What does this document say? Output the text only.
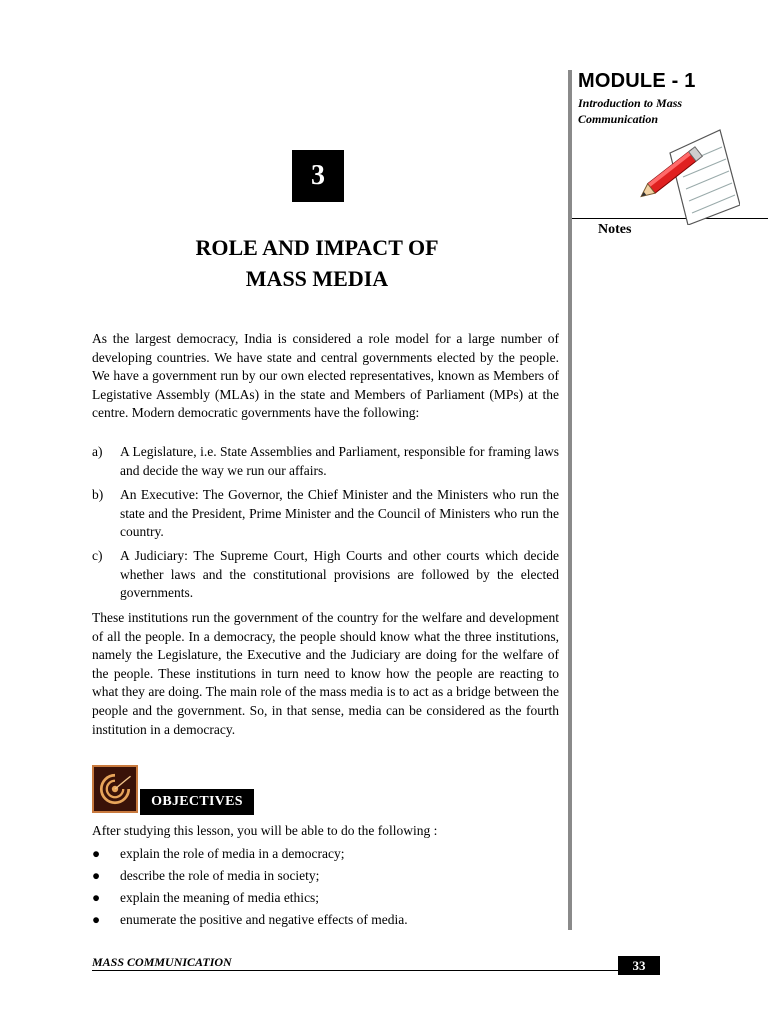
MODULE - 1
Introduction to Mass Communication
Notes
3
ROLE AND IMPACT OF
MASS MEDIA
As the largest democracy, India is considered a role model for a large number of developing countries. We have state and central governments elected by the people. We have a government run by our own elected representatives, known as Members of Legistative Assembly (MLAs) in the state and Members of Parliament (MPs) at the centre. Modern democratic governments have the following:
a) A Legislature, i.e. State Assemblies and Parliament, responsible for framing laws and decide the way we run our affairs.
b) An Executive: The Governor, the Chief Minister and the Ministers who run the state and the President, Prime Minister and the Council of Ministers who run the country.
c) A Judiciary: The Supreme Court, High Courts and other courts which decide whether laws and the constitutional provisions are followed by the elected governments.
These institutions run the government of the country for the welfare and development of all the people. In a democracy, the people should know what the three institutions, namely the Legislature, the Executive and the Judiciary are doing for the welfare of the people. These institutions in turn need to know how the people are reacting to what they are doing. The main role of the mass media is to act as a bridge between the people and the government. So, in that sense, media can be considered as the fourth institution in a democracy.
OBJECTIVES
After studying this lesson, you will be able to do the following :
● explain the role of media in a democracy;
● describe the role of media in society;
● explain the meaning of media ethics;
● enumerate the positive and negative effects of media.
MASS COMMUNICATION	33
